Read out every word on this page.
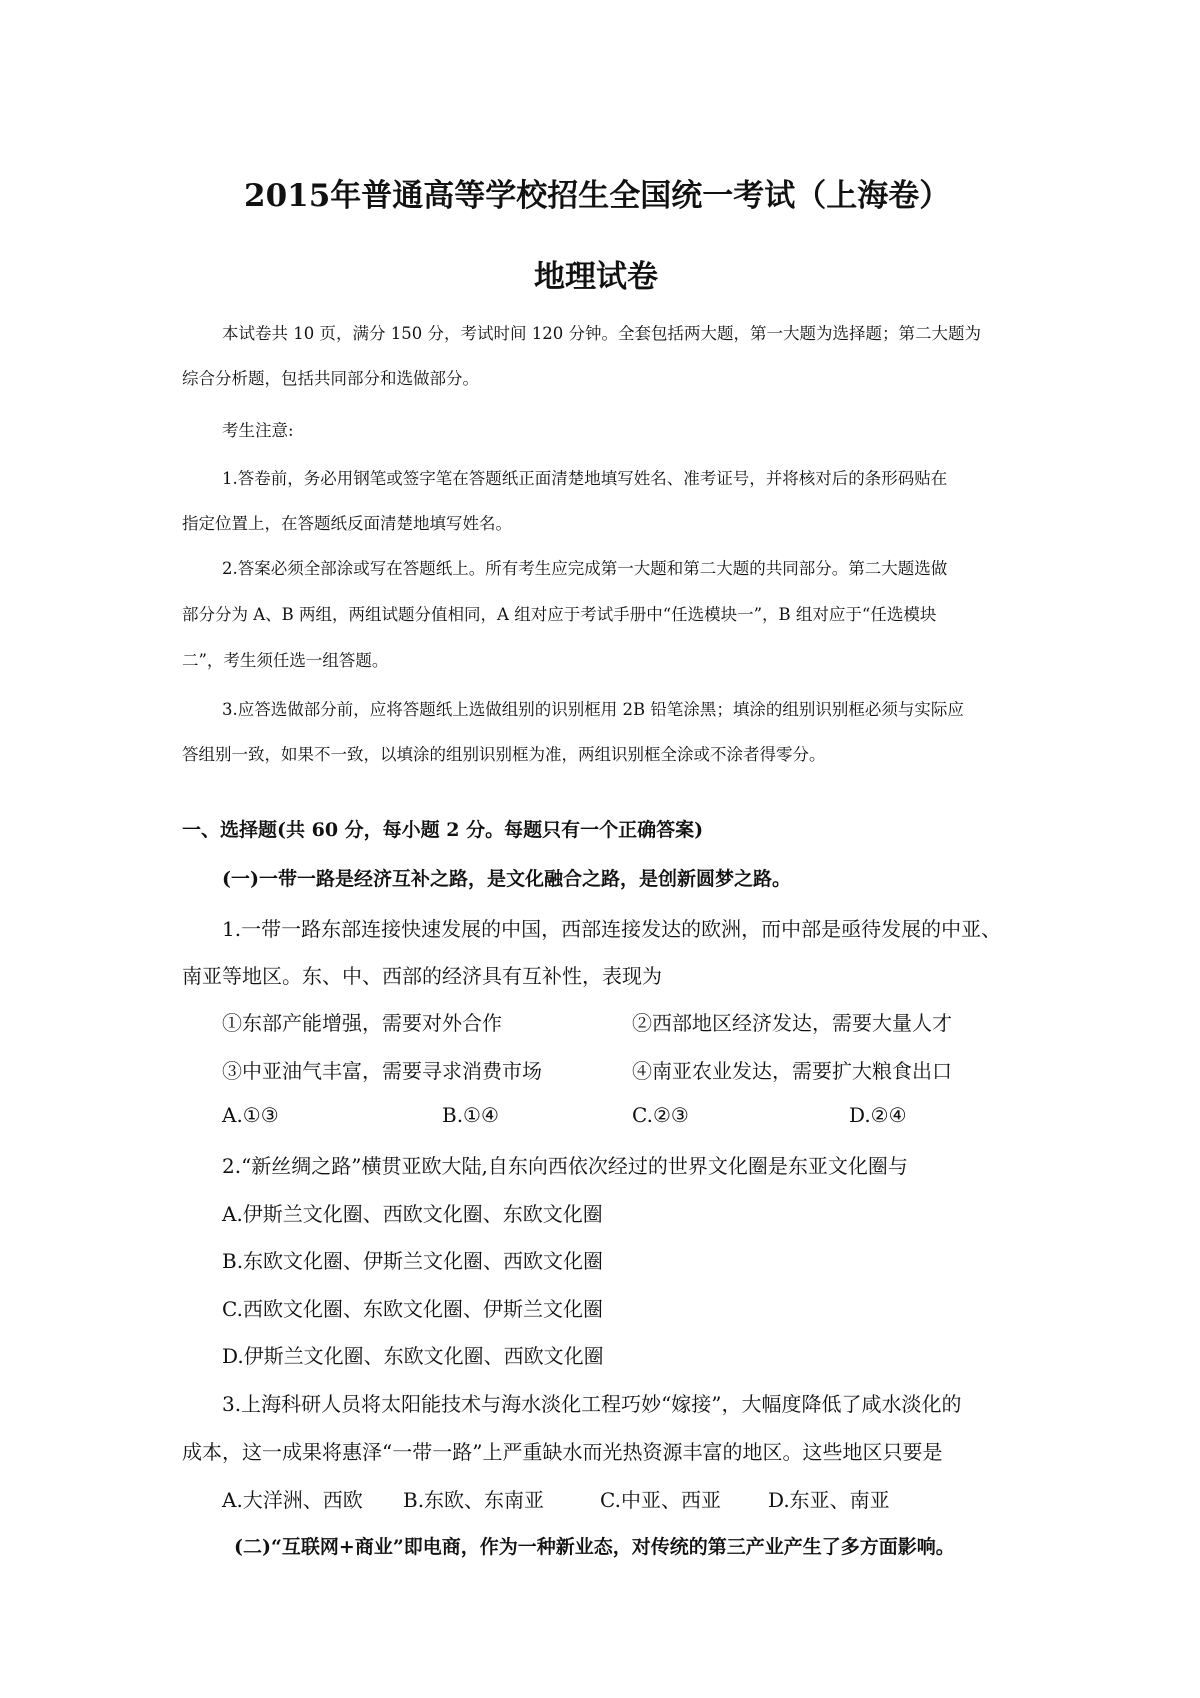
2015年普通高等学校招生全国统一考试（上海卷）
地理试卷
本试卷共 10 页，满分 150 分，考试时间 120 分钟。全套包括两大题，第一大题为选择题；第二大题为
综合分析题，包括共同部分和选做部分。
考生注意:
1.答卷前，务必用钢笔或签字笔在答题纸正面清楚地填写姓名、准考证号，并将核对后的条形码贴在
指定位置上，在答题纸反面清楚地填写姓名。
2.答案必须全部涂或写在答题纸上。所有考生应完成第一大题和第二大题的共同部分。第二大题选做
部分分为 A、B 两组，两组试题分值相同，A 组对应于考试手册中“任选模块一”，B 组对应于“任选模块
二”，考生须任选一组答题。
3.应答选做部分前，应将答题纸上选做组别的识别框用 2B 铅笔涂黑；填涂的组别识别框必须与实际应
答组别一致，如果不一致，以填涂的组别识别框为准，两组识别框全涂或不涂者得零分。
一、选择题(共 60 分，每小题 2 分。每题只有一个正确答案)
(一)一带一路是经济互补之路，是文化融合之路，是创新圆梦之路。
1.一带一路东部连接快速发展的中国，西部连接发达的欧洲，而中部是亟待发展的中亚、
南亚等地区。东、中、西部的经济具有互补性，表现为
①东部产能增强，需要对外合作	②西部地区经济发达，需要大量人才
③中亚油气丰富，需要寻求消费市场	④南亚农业发达，需要扩大粮食出口
A.①③	B.①④	C.②③	D.②④
2.“新丝绸之路”横贯亚欧大陆,自东向西依次经过的世界文化圈是东亚文化圈与
A.伊斯兰文化圈、西欧文化圈、东欧文化圈
B.东欧文化圈、伊斯兰文化圈、西欧文化圈
C.西欧文化圈、东欧文化圈、伊斯兰文化圈
D.伊斯兰文化圈、东欧文化圈、西欧文化圈
3.上海科研人员将太阳能技术与海水淡化工程巧妙“嫁接”，大幅度降低了咸水淡化的
成本，这一成果将惠泽“一带一路”上严重缺水而光热资源丰富的地区。这些地区只要是
A.大洋洲、西欧 B.东欧、东南亚	C.中亚、西亚 D.东亚、南亚
(二)“互联网+商业”即电商，作为一种新业态，对传统的第三产业产生了多方面影响。
